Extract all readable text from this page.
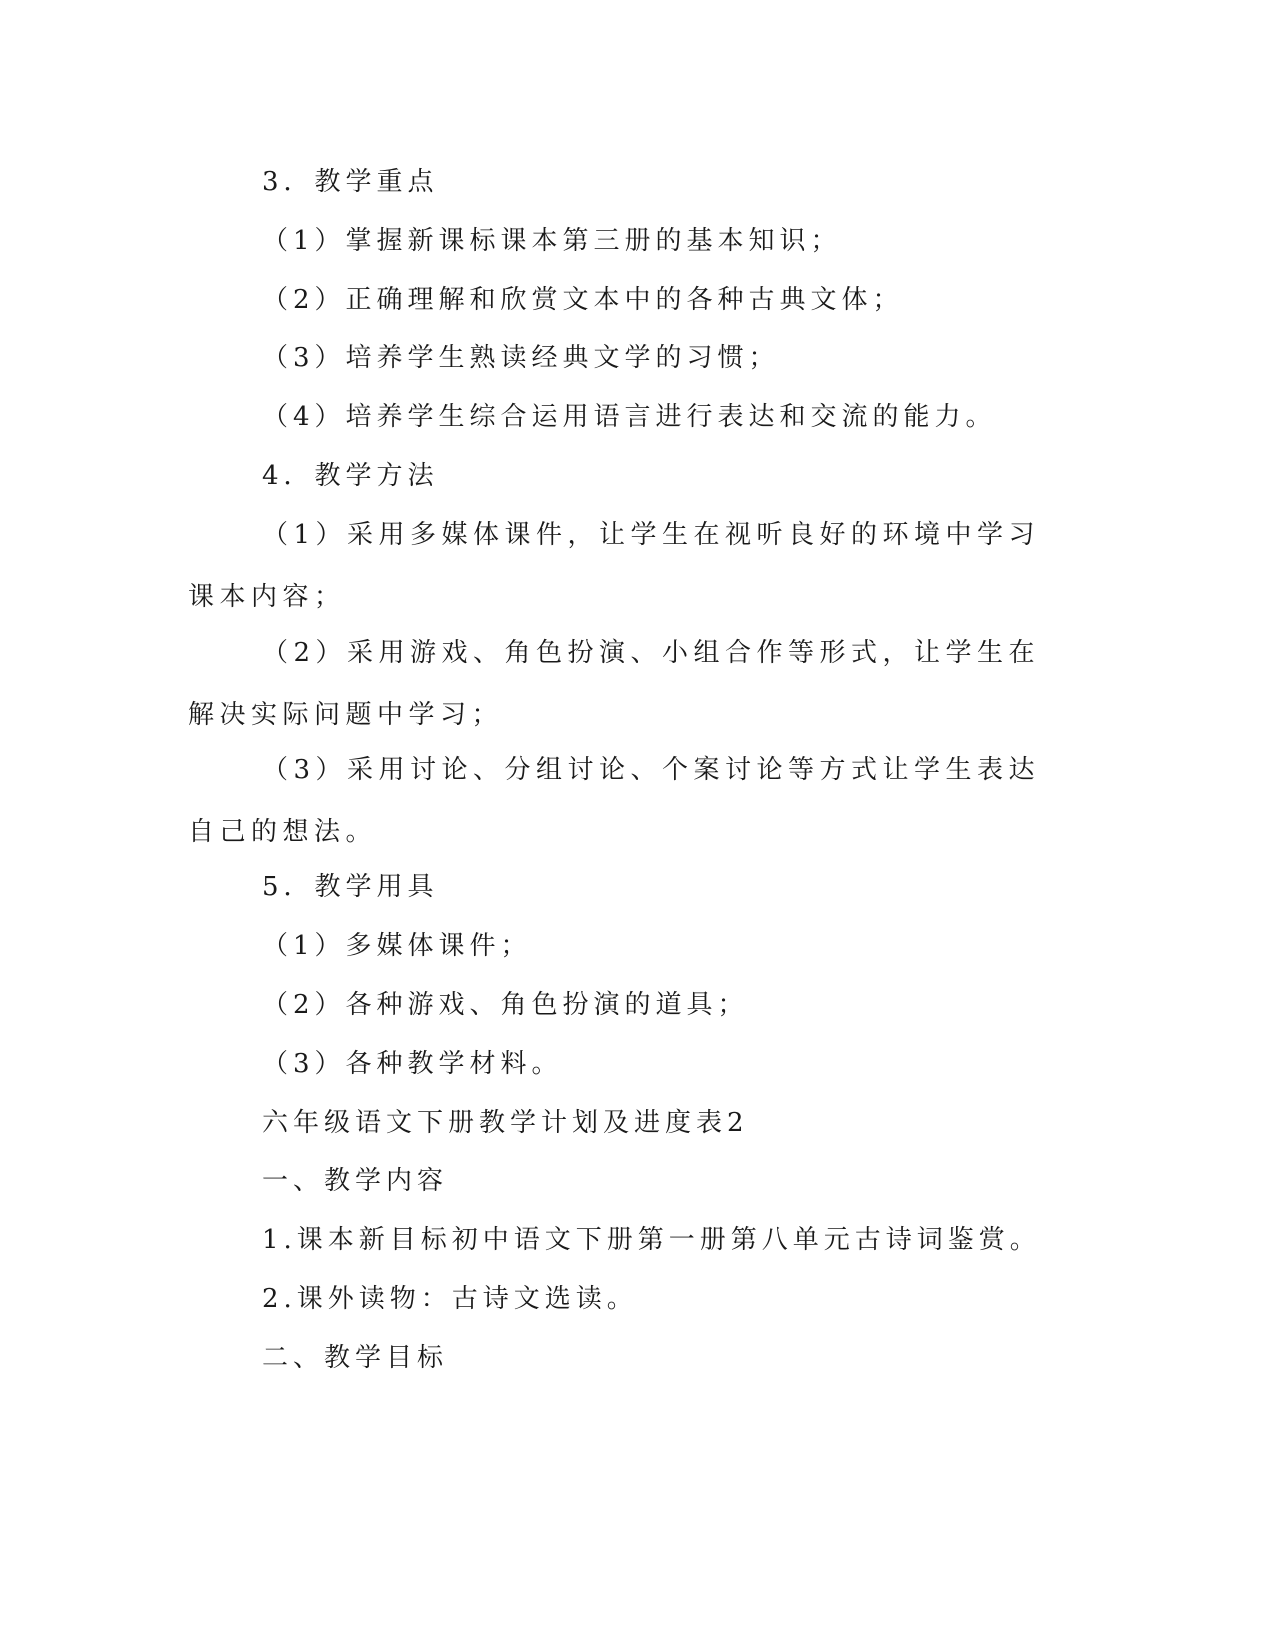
3．教学重点
（1）掌握新课标课本第三册的基本知识；
（2）正确理解和欣赏文本中的各种古典文体；
（3）培养学生熟读经典文学的习惯；
（4）培养学生综合运用语言进行表达和交流的能力。
4．教学方法
（1）采用多媒体课件，让学生在视听良好的环境中学习课本内容；
（2）采用游戏、角色扮演、小组合作等形式，让学生在解决实际问题中学习；
（3）采用讨论、分组讨论、个案讨论等方式让学生表达自己的想法。
5．教学用具
（1）多媒体课件；
（2）各种游戏、角色扮演的道具；
（3）各种教学材料。
六年级语文下册教学计划及进度表2
一、教学内容
1.课本新目标初中语文下册第一册第八单元古诗词鉴赏。
2.课外读物：古诗文选读。
二、教学目标
